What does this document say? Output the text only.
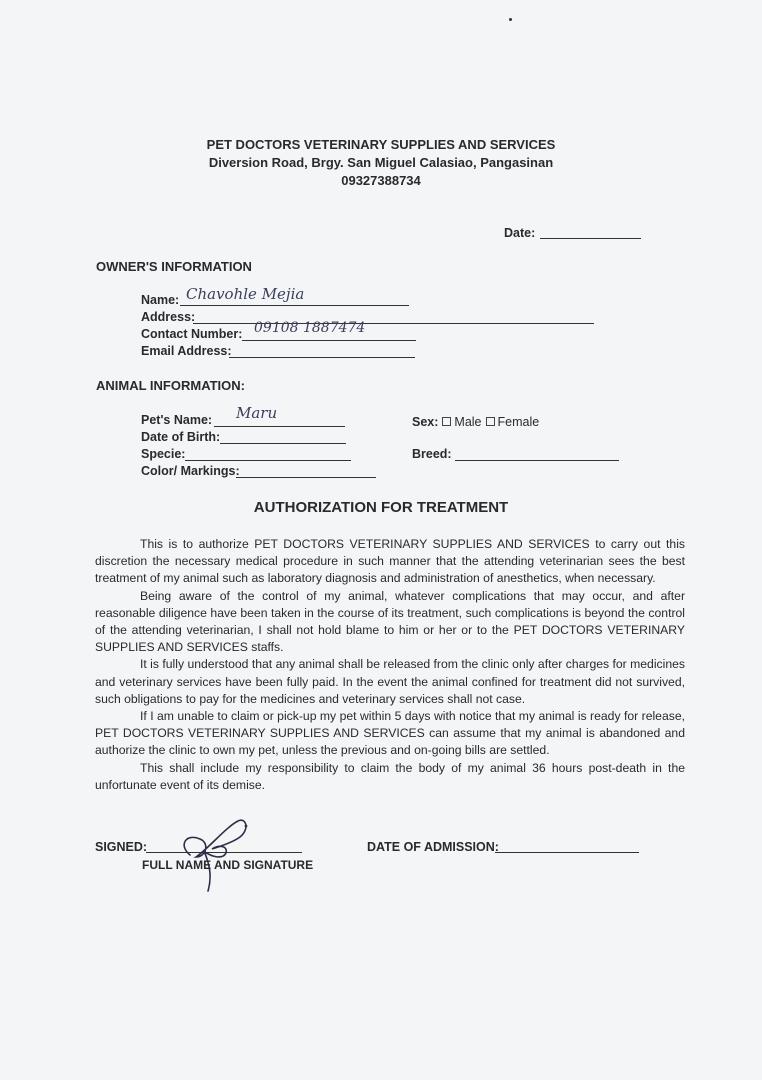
PET DOCTORS VETERINARY SUPPLIES AND SERVICES
Diversion Road, Brgy. San Miguel Calasiao, Pangasinan
09327388734
Date:
OWNER'S INFORMATION
Name: Chavohle Mejia
Address:
Contact Number: 09108 1887474
Email Address:
ANIMAL INFORMATION:
Pet's Name: Maru
Date of Birth:
Specie:
Color/ Markings:
Sex: Male Female
Breed:
AUTHORIZATION FOR TREATMENT

This is to authorize PET DOCTORS VETERINARY SUPPLIES AND SERVICES to carry out this discretion the necessary medical procedure in such manner that the attending veterinarian sees the best treatment of my animal such as laboratory diagnosis and administration of anesthetics, when necessary.

Being aware of the control of my animal, whatever complications that may occur, and after reasonable diligence have been taken in the course of its treatment, such complications is beyond the control of the attending veterinarian, I shall not hold blame to him or her or to the PET DOCTORS VETERINARY SUPPLIES AND SERVICES staffs.

It is fully understood that any animal shall be released from the clinic only after charges for medicines and veterinary services have been fully paid. In the event the animal confined for treatment did not survived, such obligations to pay for the medicines and veterinary services shall not case.

If I am unable to claim or pick-up my pet within 5 days with notice that my animal is ready for release, PET DOCTORS VETERINARY SUPPLIES AND SERVICES can assume that my animal is abandoned and authorize the clinic to own my pet, unless the previous and on-going bills are settled.

This shall include my responsibility to claim the body of my animal 36 hours post-death in the unfortunate event of its demise.

SIGNED:
FULL NAME AND SIGNATURE
DATE OF ADMISSION:
